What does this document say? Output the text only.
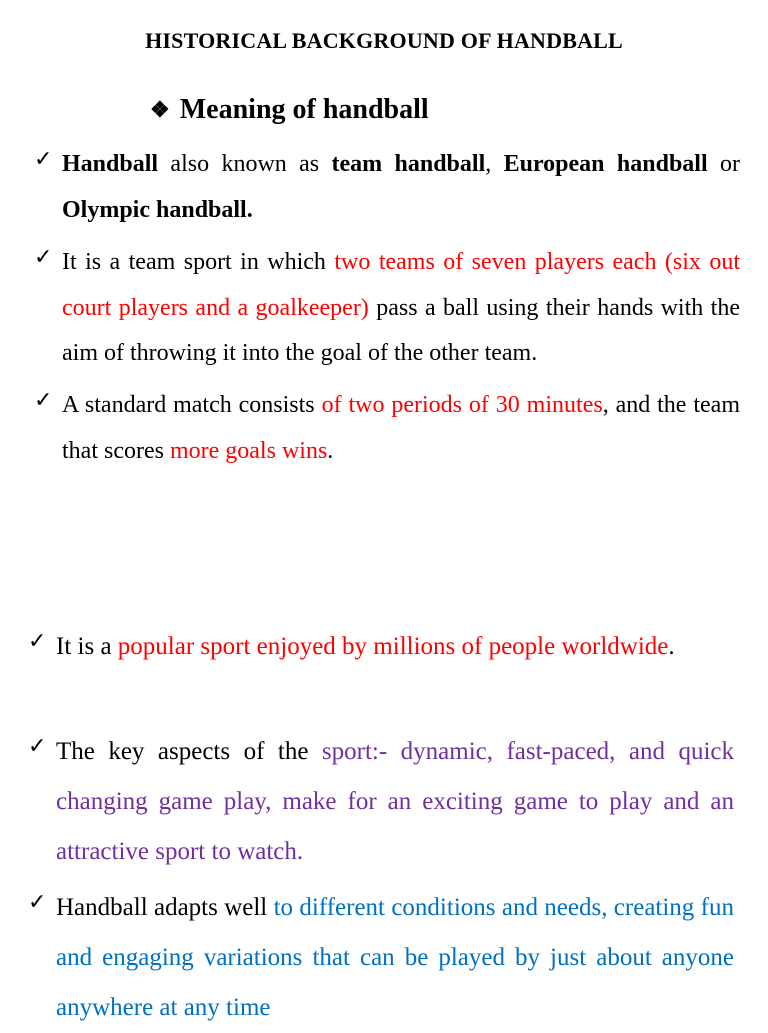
HISTORICAL BACKGROUND OF HANDBALL
❖ Meaning of handball
✓ Handball also known as team handball, European handball or Olympic handball.
✓ It is a team sport in which two teams of seven players each (six out court players and a goalkeeper) pass a ball using their hands with the aim of throwing it into the goal of the other team.
✓ A standard match consists of two periods of 30 minutes, and the team that scores more goals wins.
✓ It is a popular sport enjoyed by millions of people worldwide.
✓ The key aspects of the sport:- dynamic, fast-paced, and quick changing game play, make for an exciting game to play and an attractive sport to watch.
✓ Handball adapts well to different conditions and needs, creating fun and engaging variations that can be played by just about anyone anywhere at any time
